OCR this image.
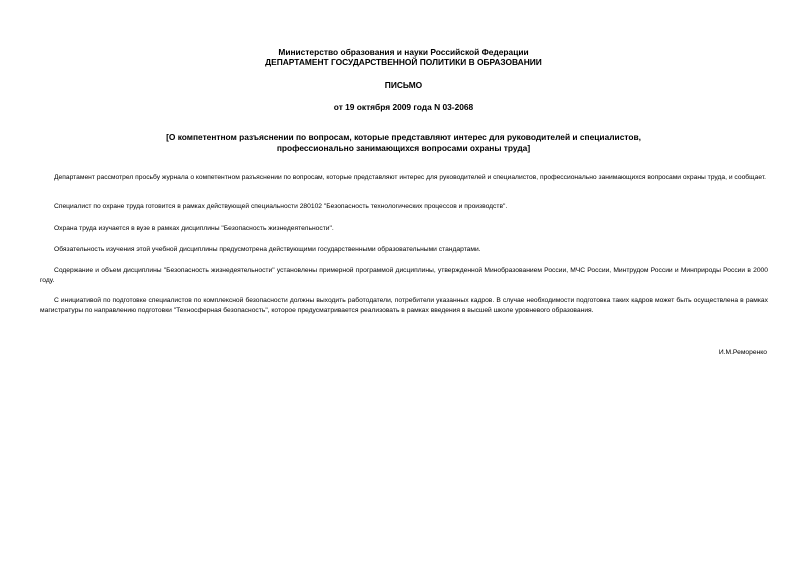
Министерство образования и науки Российской Федерации
ДЕПАРТАМЕНТ ГОСУДАРСТВЕННОЙ ПОЛИТИКИ В ОБРАЗОВАНИИ
ПИСЬМО
от 19 октября 2009 года N 03-2068
[О компетентном разъяснении по вопросам, которые представляют интерес для руководителей и специалистов,
профессионально занимающихся вопросами охраны труда]

Департамент рассмотрел просьбу журнала о компетентном разъяснении по вопросам, которые представляют интерес для руководителей и специалистов, профессионально занимающихся вопросами охраны труда, и сообщает.

Специалист по охране труда готовится в рамках действующей специальности 280102 "Безопасность технологических процессов и производств".

Охрана труда изучается в вузе в рамках дисциплины "Безопасность жизнедеятельности".

Обязательность изучения этой учебной дисциплины предусмотрена действующими государственными образовательными стандартами.

Содержание и объем дисциплины "Безопасность жизнедеятельности" установлены примерной программой дисциплины, утвержденной Минобразованием России, МЧС России, Минтрудом России и Минприроды России в 2000 году.

С инициативой по подготовке специалистов по комплексной безопасности должны выходить работодатели, потребители указанных кадров. В случае необходимости подготовка таких кадров может быть осуществлена в рамках магистратуры по направлению подготовки "Техносферная безопасность", которое предусматривается реализовать в рамках введения в высшей школе уровневого образования.

И.М.Реморенко
